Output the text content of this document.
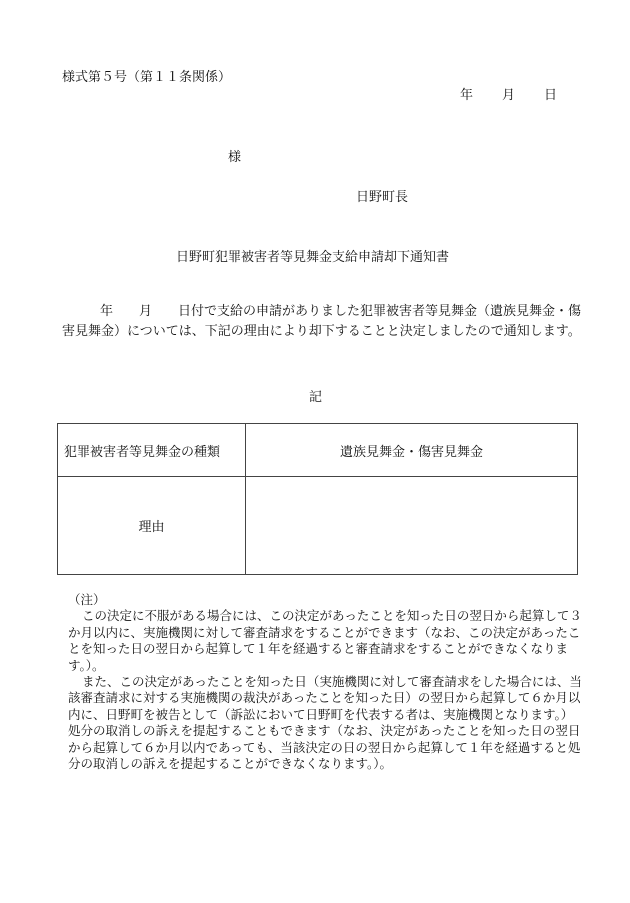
様式第５号（第１１条関係）
年 月 日
様
日野町長
日野町犯罪被害者等見舞金支給申請却下通知書
年　　月　　日付で支給の申請がありました犯罪被害者等見舞金（遺族見舞金・傷害見舞金）については、下記の理由により却下することと決定しましたので通知します。
記
犯罪被害者等見舞金の種類	遺族見舞金・傷害見舞金
理由	

（注）

この決定に不服がある場合には、この決定があったことを知った日の翌日から起算して３か月以内に、実施機関に対して審査請求をすることができます（なお、この決定があったことを知った日の翌日から起算して１年を経過すると審査請求をすることができなくなります。）。

また、この決定があったことを知った日（実施機関に対して審査請求をした場合には、当該審査請求に対する実施機関の裁決があったことを知った日）の翌日から起算して６か月以内に、日野町を被告として（訴訟において日野町を代表する者は、実施機関となります。）処分の取消しの訴えを提起することもできます（なお、決定があったことを知った日の翌日から起算して６か月以内であっても、当該決定の日の翌日から起算して１年を経過すると処分の取消しの訴えを提起することができなくなります。）。
